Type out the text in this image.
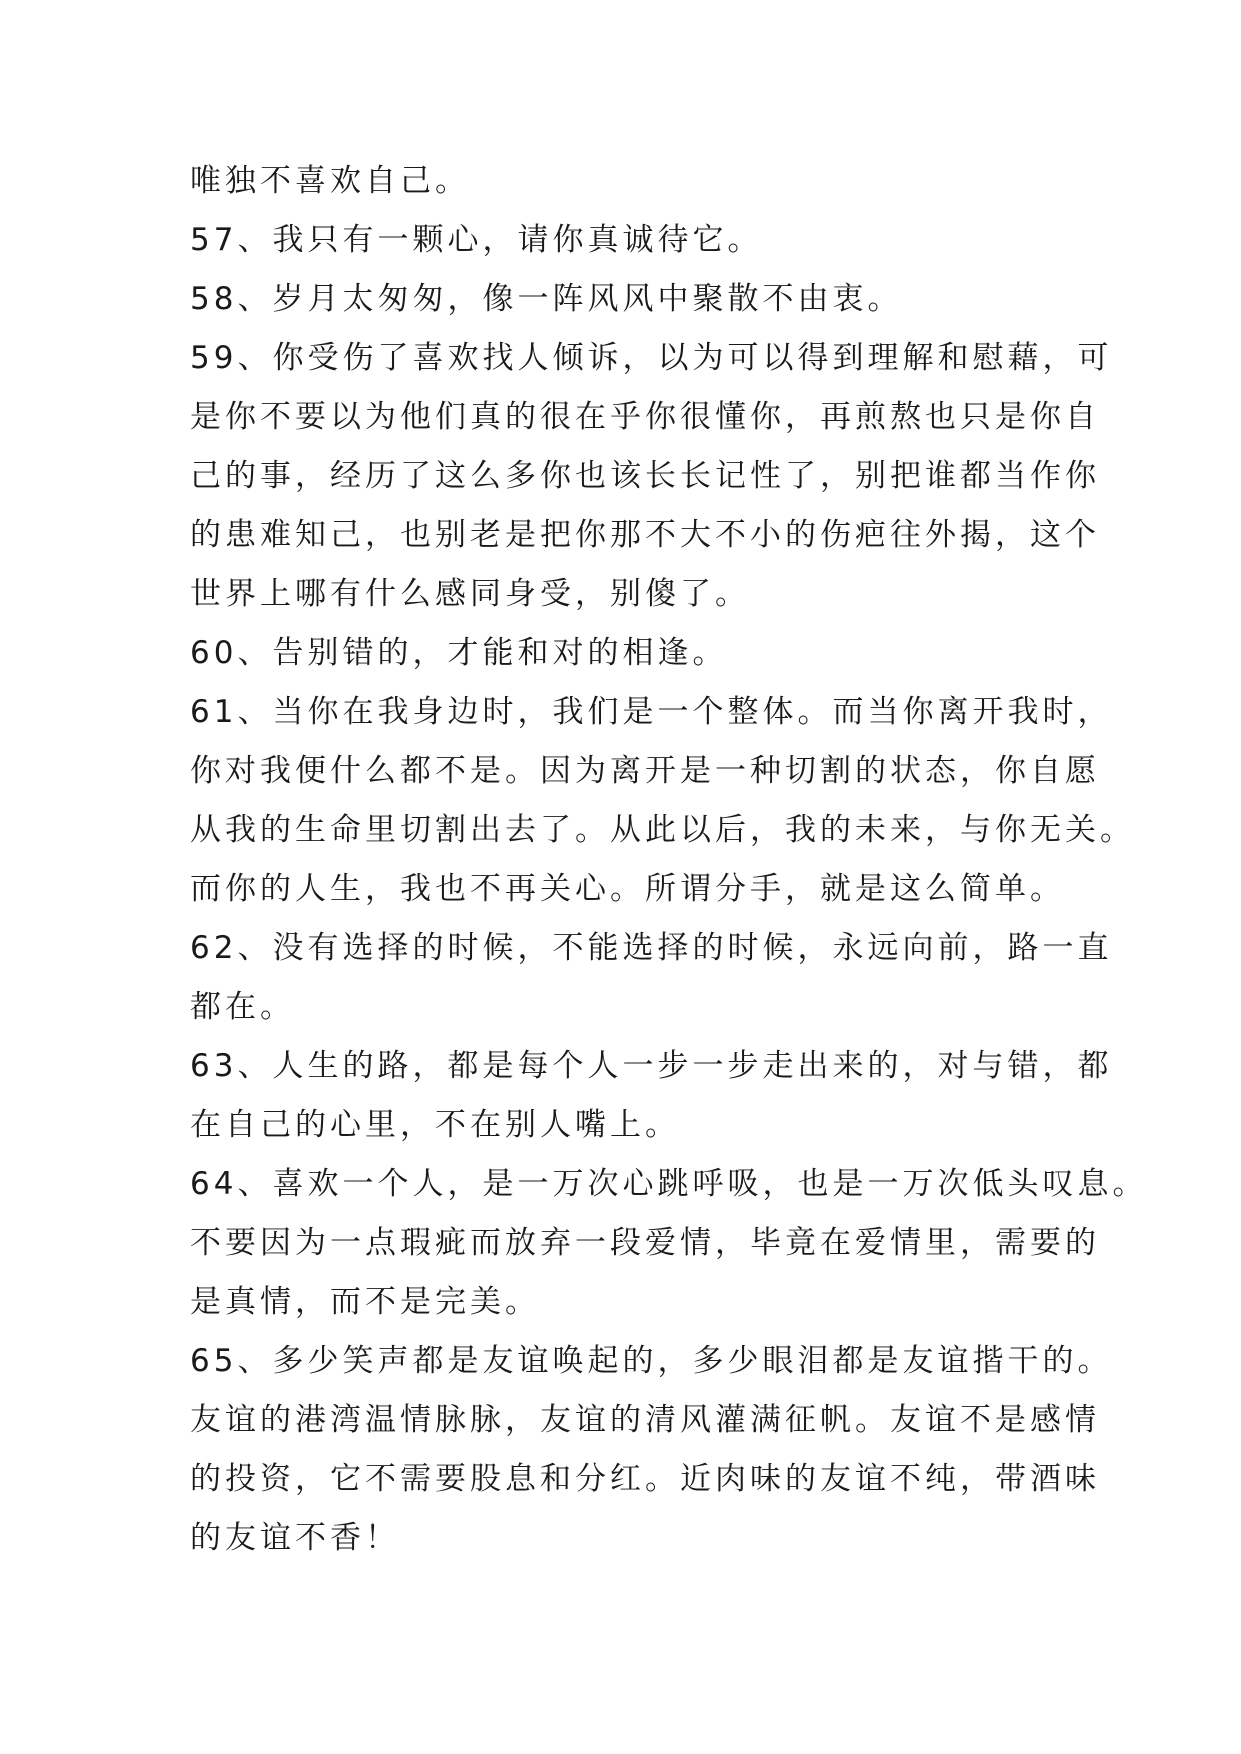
唯独不喜欢自己。
57、我只有一颗心，请你真诚待它。
58、岁月太匆匆，像一阵风风中聚散不由衷。
59、你受伤了喜欢找人倾诉，以为可以得到理解和慰藉，可
是你不要以为他们真的很在乎你很懂你，再煎熬也只是你自
己的事，经历了这么多你也该长长记性了，别把谁都当作你
的患难知己，也别老是把你那不大不小的伤疤往外揭，这个
世界上哪有什么感同身受，别傻了。
60、告别错的，才能和对的相逢。
61、当你在我身边时，我们是一个整体。而当你离开我时，
你对我便什么都不是。因为离开是一种切割的状态，你自愿
从我的生命里切割出去了。从此以后，我的未来，与你无关。
而你的人生，我也不再关心。所谓分手，就是这么简单。
62、没有选择的时候，不能选择的时候，永远向前，路一直
都在。
63、人生的路，都是每个人一步一步走出来的，对与错，都
在自己的心里，不在别人嘴上。
64、喜欢一个人，是一万次心跳呼吸，也是一万次低头叹息。
不要因为一点瑕疵而放弃一段爱情，毕竟在爱情里，需要的
是真情，而不是完美。
65、多少笑声都是友谊唤起的，多少眼泪都是友谊揩干的。
友谊的港湾温情脉脉，友谊的清风灌满征帆。友谊不是感情
的投资，它不需要股息和分红。近肉味的友谊不纯，带酒味
的友谊不香！
